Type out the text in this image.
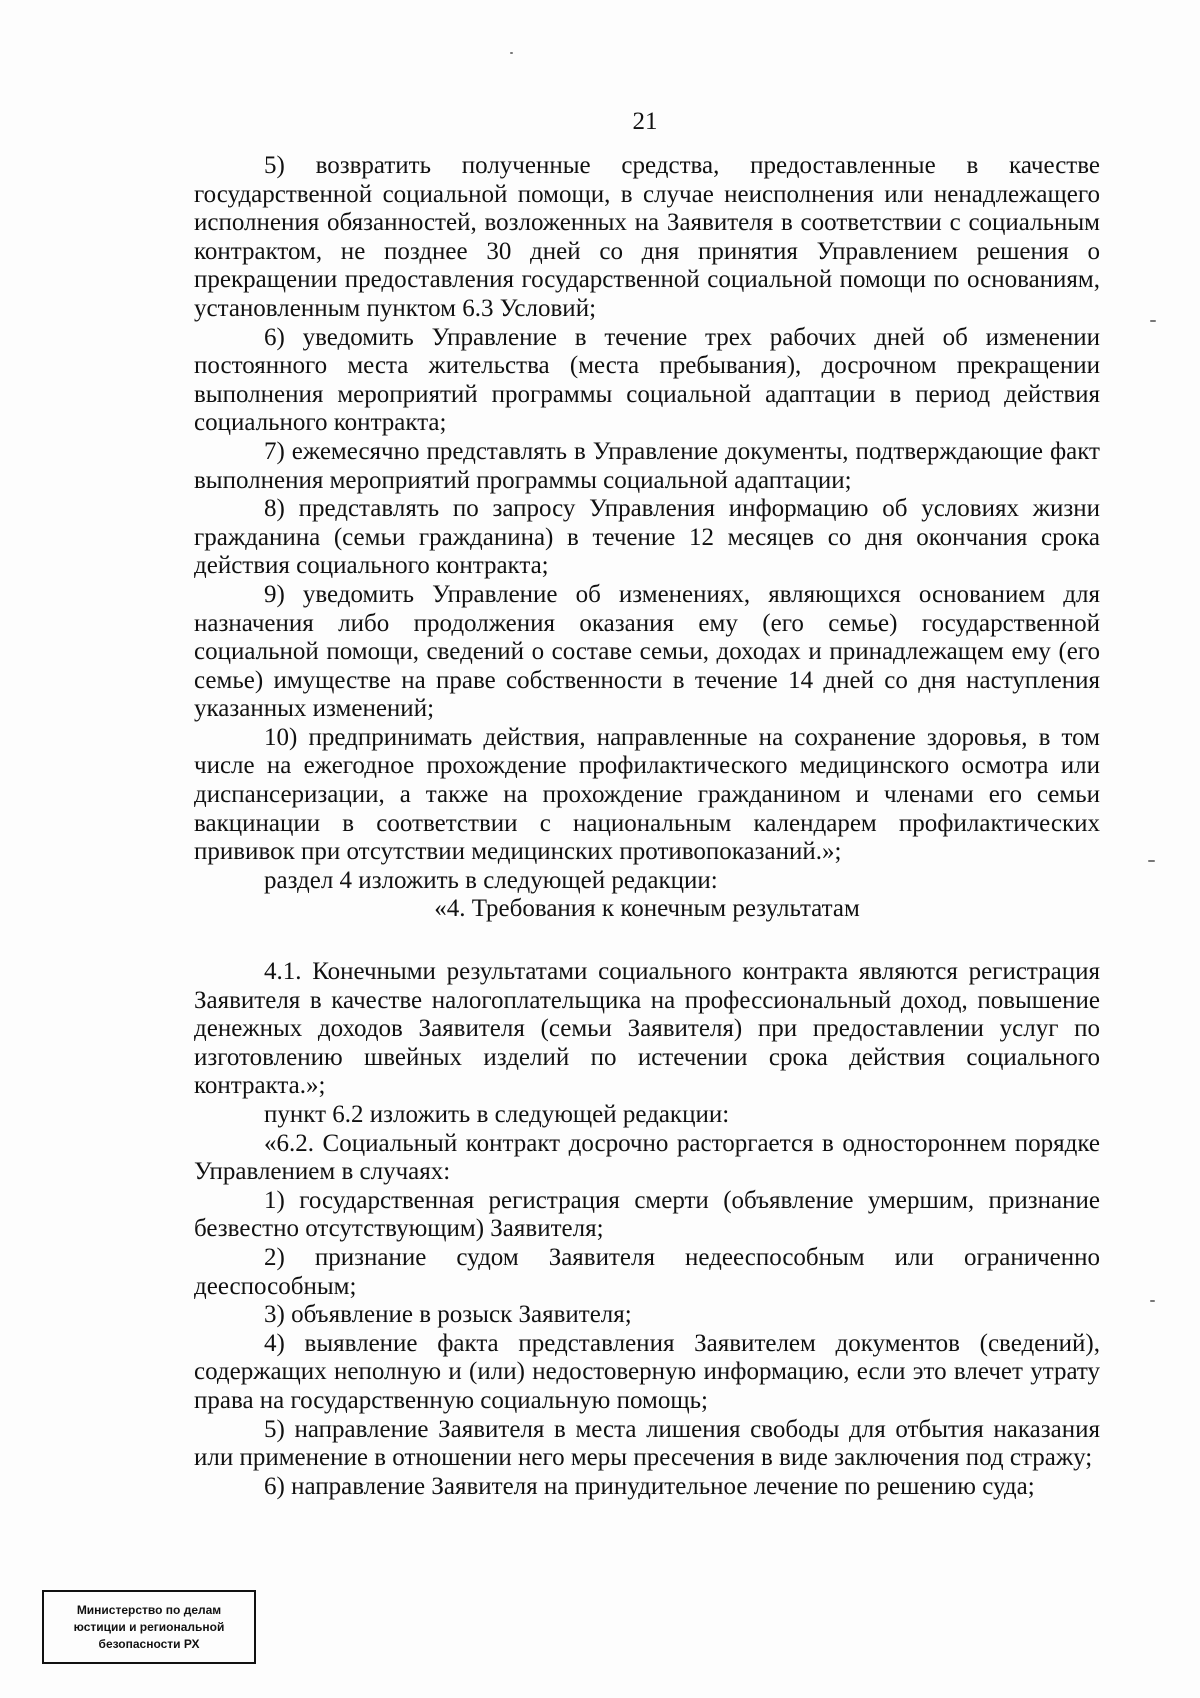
21

5) возвратить полученные средства, предоставленные в качестве государственной социальной помощи, в случае неисполнения или ненадлежащего исполнения обязанностей, возложенных на Заявителя в соответствии с социальным контрактом, не позднее 30 дней со дня принятия Управлением решения о прекращении предоставления государственной социальной помощи по основаниям, установленным пунктом 6.3 Условий;

6) уведомить Управление в течение трех рабочих дней об изменении постоянного места жительства (места пребывания), досрочном прекращении выполнения мероприятий программы социальной адаптации в период действия социального контракта;

7) ежемесячно представлять в Управление документы, подтверждающие факт выполнения мероприятий программы социальной адаптации;

8) представлять по запросу Управления информацию об условиях жизни гражданина (семьи гражданина) в течение 12 месяцев со дня окончания срока действия социального контракта;

9) уведомить Управление об изменениях, являющихся основанием для назначения либо продолжения оказания ему (его семье) государственной социальной помощи, сведений о составе семьи, доходах и принадлежащем ему (его семье) имуществе на праве собственности в течение 14 дней со дня наступления указанных изменений;

10) предпринимать действия, направленные на сохранение здоровья, в том числе на ежегодное прохождение профилактического медицинского осмотра или диспансеризации, а также на прохождение гражданином и членами его семьи вакцинации в соответствии с национальным календарем профилактических прививок при отсутствии медицинских противопоказаний.»;

раздел 4 изложить в следующей редакции:

«4. Требования к конечным результатам

4.1. Конечными результатами социального контракта являются регистрация Заявителя в качестве налогоплательщика на профессиональный доход, повышение денежных доходов Заявителя (семьи Заявителя) при предоставлении услуг по изготовлению швейных изделий по истечении срока действия социального контракта.»;

пункт 6.2 изложить в следующей редакции:

«6.2. Социальный контракт досрочно расторгается в одностороннем порядке Управлением в случаях:

1) государственная регистрация смерти (объявление умершим, признание безвестно отсутствующим) Заявителя;

2) признание судом Заявителя недееспособным или ограниченно дееспособным;

3) объявление в розыск Заявителя;

4) выявление факта представления Заявителем документов (сведений), содержащих неполную и (или) недостоверную информацию, если это влечет утрату права на государственную социальную помощь;

5) направление Заявителя в места лишения свободы для отбытия наказания или применение в отношении него меры пресечения в виде заключения под стражу;

6) направление Заявителя на принудительное лечение по решению суда;

Министерство по делам
юстиции и региональной
безопасности РХ
